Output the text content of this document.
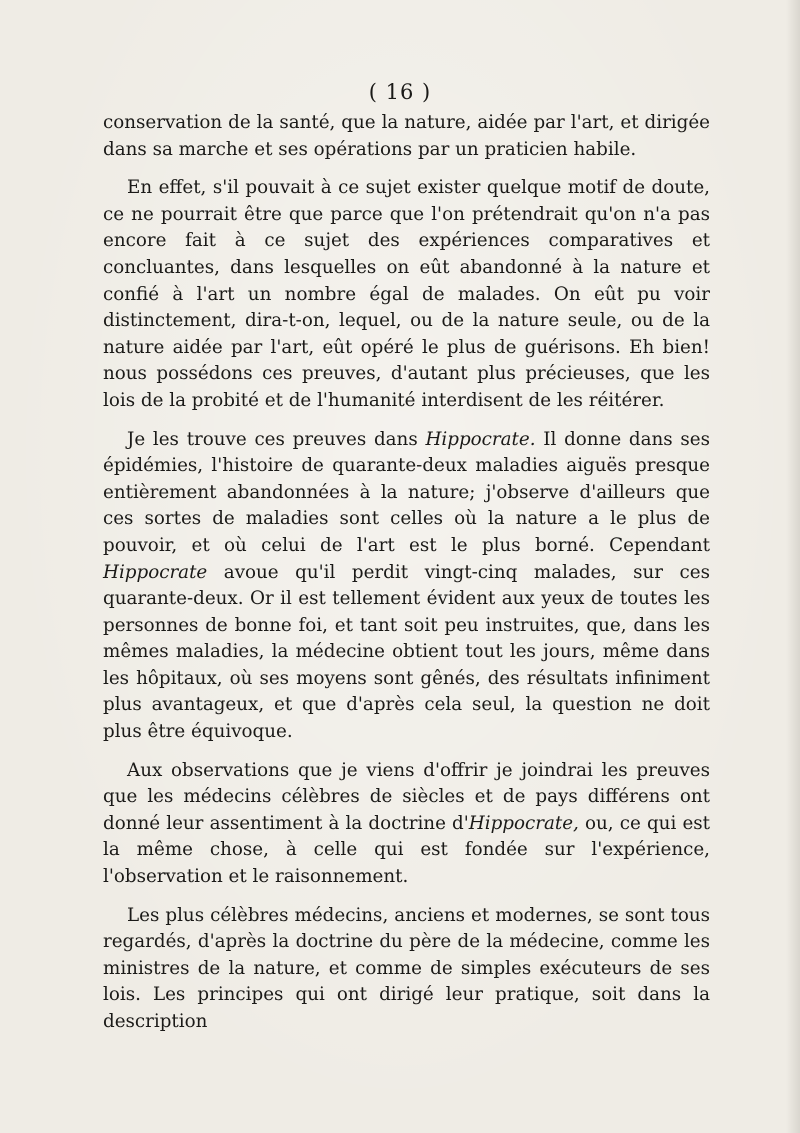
( 16 )

conservation de la santé, que la nature, aidée par l'art, et dirigée dans sa marche et ses opérations par un praticien habile.

En effet, s'il pouvait à ce sujet exister quelque motif de doute, ce ne pourrait être que parce que l'on prétendrait qu'on n'a pas encore fait à ce sujet des expériences comparatives et concluantes, dans lesquelles on eût abandonné à la nature et confié à l'art un nombre égal de malades. On eût pu voir distinctement, dira-t-on, lequel, ou de la nature seule, ou de la nature aidée par l'art, eût opéré le plus de guérisons. Eh bien! nous possédons ces preuves, d'autant plus précieuses, que les lois de la probité et de l'humanité interdisent de les réitérer.

Je les trouve ces preuves dans Hippocrate. Il donne dans ses épidémies, l'histoire de quarante-deux maladies aiguës presque entièrement abandonnées à la nature; j'observe d'ailleurs que ces sortes de maladies sont celles où la nature a le plus de pouvoir, et où celui de l'art est le plus borné. Cependant Hippocrate avoue qu'il perdit vingt-cinq malades, sur ces quarante-deux. Or il est tellement évident aux yeux de toutes les personnes de bonne foi, et tant soit peu instruites, que, dans les mêmes maladies, la médecine obtient tout les jours, même dans les hôpitaux, où ses moyens sont gênés, des résultats infiniment plus avantageux, et que d'après cela seul, la question ne doit plus être équivoque.

Aux observations que je viens d'offrir je joindrai les preuves que les médecins célèbres de siècles et de pays différens ont donné leur assentiment à la doctrine d'Hippocrate, ou, ce qui est la même chose, à celle qui est fondée sur l'expérience, l'observation et le raisonnement.

Les plus célèbres médecins, anciens et modernes, se sont tous regardés, d'après la doctrine du père de la médecine, comme les ministres de la nature, et comme de simples exécuteurs de ses lois. Les principes qui ont dirigé leur pratique, soit dans la description
